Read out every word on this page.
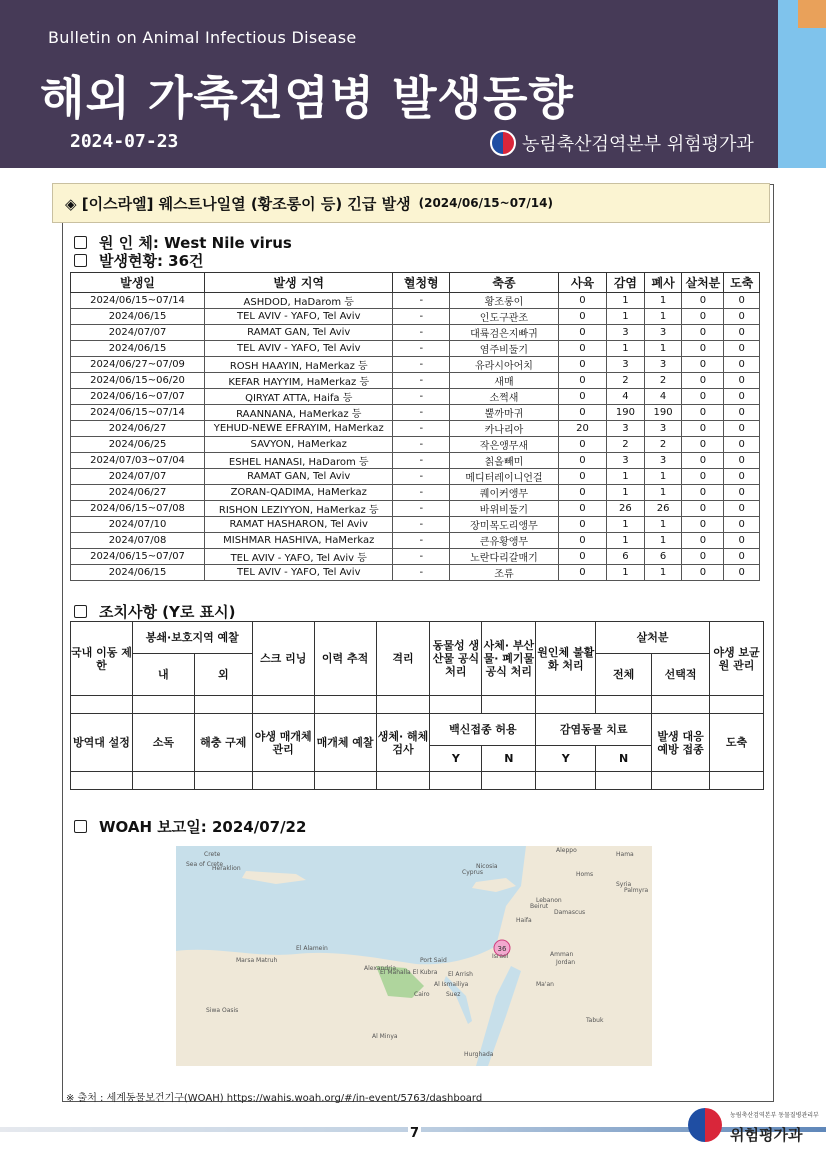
Bulletin on Animal Infectious Disease
해외 가축전염병 발생동향
2024-07-23	농림축산검역본부 위험평가과
◈ [이스라엘] 웨스트나일열 (황조롱이 등) 긴급 발생 (2024/06/15~07/14)
원 인 체: West Nile virus
발생현황: 36건
발생일	발생 지역	혈청형	축종	사육	감염	폐사	살처분	도축
2024/06/15~07/14	ASHDOD, HaDarom 등	-	황조롱이	0	1	1	0	0
2024/06/15	TEL AVIV - YAFO, Tel Aviv	-	인도구관조	0	1	1	0	0
2024/07/07	RAMAT GAN, Tel Aviv	-	대륙검은지빠귀	0	3	3	0	0
2024/06/15	TEL AVIV - YAFO, Tel Aviv	-	염주비둘기	0	1	1	0	0
2024/06/27~07/09	ROSH HAAYIN, HaMerkaz 등	-	유라시아어치	0	3	3	0	0
2024/06/15~06/20	KEFAR HAYYIM, HaMerkaz 등	-	새매	0	2	2	0	0
2024/06/16~07/07	QIRYAT ATTA, Haifa 등	-	소쩍새	0	4	4	0	0
2024/06/15~07/14	RAANNANA, HaMerkaz 등	-	뿔까마귀	0	190	190	0	0
2024/06/27	YEHUD-NEWE EFRAYIM, HaMerkaz	-	카나리아	20	3	3	0	0
2024/06/25	SAVYON, HaMerkaz	-	작은앵무새	0	2	2	0	0
2024/07/03~07/04	ESHEL HANASI, HaDarom 등	-	칡올빼미	0	3	3	0	0
2024/07/07	RAMAT GAN, Tel Aviv	-	메디터레이니언걸	0	1	1	0	0
2024/06/27	ZORAN-QADIMA, HaMerkaz	-	퀘이커앵무	0	1	1	0	0
2024/06/15~07/08	RISHON LEZIYYON, HaMerkaz 등	-	바위비둘기	0	26	26	0	0
2024/07/10	RAMAT HASHARON, Tel Aviv	-	장미목도리앵무	0	1	1	0	0
2024/07/08	MISHMAR HASHIVA, HaMerkaz	-	큰유황앵무	0	1	1	0	0
2024/06/15~07/07	TEL AVIV - YAFO, Tel Aviv 등	-	노란다리갈매기	0	6	6	0	0
2024/06/15	TEL AVIV - YAFO, Tel Aviv	-	조류	0	1	1	0	0
조치사항 (Y로 표시)
국내 이동 제한	봉쇄·보호지역 예찰		스크 리닝	이력 추적	격리	동물성 생산물 공식 처리	사체· 부산물· 폐기물 공식 처리	원인체 불활화 처리	살처분		야생 보균원 관리
	내	외							전체	선택적	

방역대 설정	소독	해충 구제	야생 매개체 관리	매개체 예찰	생체· 해체 검사	백신접종 허용		감염동물 치료		발생 대응 예방 접종	도축
						Y	N	Y	N		

WOAH 보고일: 2024/07/22
36
Aleppo
Hama
Homs
Cyprus
Nicosia
Beirut
Lebanon
Syria
Palmyra
Damascus
Haifa
Israel
Jordan
Amman
Alexandria
El Mahalla El Kubra
Port Said
Cairo	Suez
Al Ismailiya
El Arrish
Tabuk
Siwa Oasis
El Alamein
Al Minya
Hurghada
Ma'an
Crete
Heraklion
Marsa Matruh
Sea of Crete
※ 출처 : 세계동물보건기구(WOAH) https://wahis.woah.org/#/in-event/5763/dashboard
7
농림축산검역본부 동물질병관리부
위험평가과
